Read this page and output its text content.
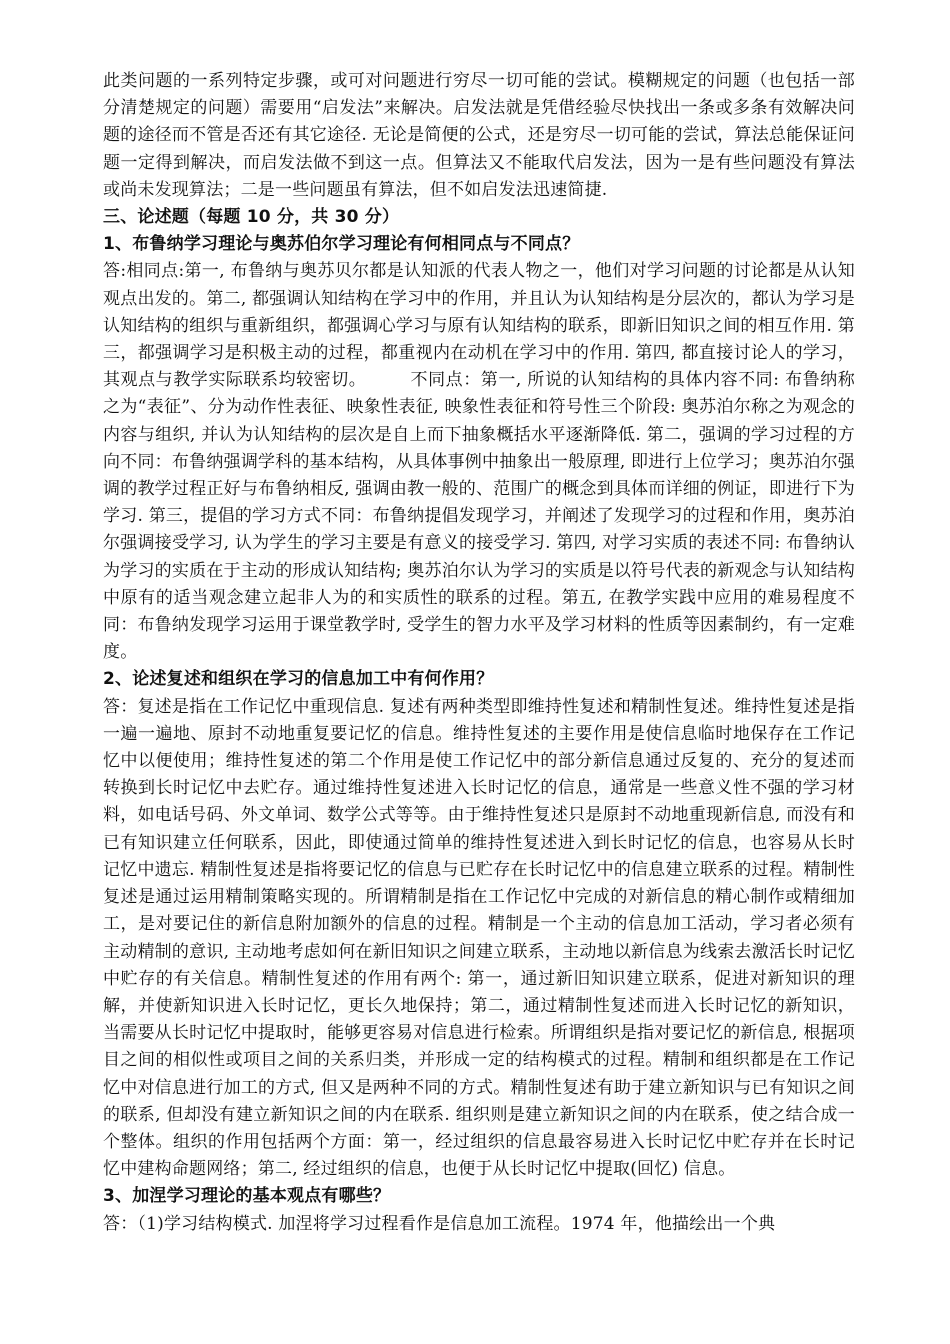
此类问题的一系列特定步骤，或可对问题进行穷尽一切可能的尝试。模糊规定的问题（也包括一部分清楚规定的问题）需要用“启发法”来解决。启发法就是凭借经验尽快找出一条或多条有效解决问题的途径而不管是否还有其它途径. 无论是简便的公式，还是穷尽一切可能的尝试，算法总能保证问题一定得到解决，而启发法做不到这一点。但算法又不能取代启发法，因为一是有些问题没有算法或尚未发现算法；二是一些问题虽有算法，但不如启发法迅速简捷.

三、论述题（每题 10 分，共 30 分）
1、布鲁纳学习理论与奥苏伯尔学习理论有何相同点与不同点？

答:相同点:第一, 布鲁纳与奥苏贝尔都是认知派的代表人物之一，他们对学习问题的讨论都是从认知观点出发的。第二, 都强调认知结构在学习中的作用，并且认为认知结构是分层次的，都认为学习是认知结构的组织与重新组织，都强调心学习与原有认知结构的联系，即新旧知识之间的相互作用. 第三，都强调学习是积极主动的过程，都重视内在动机在学习中的作用. 第四, 都直接讨论人的学习，其观点与教学实际联系均较密切。　　　不同点：第一, 所说的认知结构的具体内容不同: 布鲁纳称之为“表征”、分为动作性表征、映象性表征, 映象性表征和符号性三个阶段: 奥苏泊尔称之为观念的内容与组织, 并认为认知结构的层次是自上而下抽象概括水平逐渐降低. 第二，强调的学习过程的方向不同：布鲁纳强调学科的基本结构，从具体事例中抽象出一般原理, 即进行上位学习；奥苏泊尔强调的教学过程正好与布鲁纳相反, 强调由教一般的、范围广的概念到具体而详细的例证，即进行下为学习. 第三，提倡的学习方式不同：布鲁纳提倡发现学习，并阐述了发现学习的过程和作用，奥苏泊尔强调接受学习, 认为学生的学习主要是有意义的接受学习. 第四, 对学习实质的表述不同: 布鲁纳认为学习的实质在于主动的形成认知结构; 奥苏泊尔认为学习的实质是以符号代表的新观念与认知结构中原有的适当观念建立起非人为的和实质性的联系的过程。第五, 在教学实践中应用的难易程度不同：布鲁纳发现学习运用于课堂教学时, 受学生的智力水平及学习材料的性质等因素制约，有一定难度。

2、论述复述和组织在学习的信息加工中有何作用？

答：复述是指在工作记忆中重现信息. 复述有两种类型即维持性复述和精制性复述。维持性复述是指一遍一遍地、原封不动地重复要记忆的信息。维持性复述的主要作用是使信息临时地保存在工作记忆中以便使用；维持性复述的第二个作用是使工作记忆中的部分新信息通过反复的、充分的复述而转换到长时记忆中去贮存。通过维持性复述进入长时记忆的信息，通常是一些意义性不强的学习材料，如电话号码、外文单词、数学公式等等。由于维持性复述只是原封不动地重现新信息, 而没有和已有知识建立任何联系，因此，即使通过简单的维持性复述进入到长时记忆的信息，也容易从长时记忆中遗忘. 精制性复述是指将要记忆的信息与已贮存在长时记忆中的信息建立联系的过程。精制性复述是通过运用精制策略实现的。所谓精制是指在工作记忆中完成的对新信息的精心制作或精细加工，是对要记住的新信息附加额外的信息的过程。精制是一个主动的信息加工活动，学习者必须有主动精制的意识, 主动地考虑如何在新旧知识之间建立联系，主动地以新信息为线索去激活长时记忆中贮存的有关信息。精制性复述的作用有两个: 第一，通过新旧知识建立联系，促进对新知识的理解，并使新知识进入长时记忆，更长久地保持；第二，通过精制性复述而进入长时记忆的新知识，当需要从长时记忆中提取时，能够更容易对信息进行检索。所谓组织是指对要记忆的新信息, 根据项目之间的相似性或项目之间的关系归类，并形成一定的结构模式的过程。精制和组织都是在工作记忆中对信息进行加工的方式, 但又是两种不同的方式。精制性复述有助于建立新知识与已有知识之间的联系, 但却没有建立新知识之间的内在联系. 组织则是建立新知识之间的内在联系，使之结合成一个整体。组织的作用包括两个方面：第一，经过组织的信息最容易进入长时记忆中贮存并在长时记忆中建构命题网络；第二, 经过组织的信息，也便于从长时记忆中提取(回忆) 信息。

3、加涅学习理论的基本观点有哪些？

答：（1)学习结构模式. 加涅将学习过程看作是信息加工流程。1974 年，他描绘出一个典
